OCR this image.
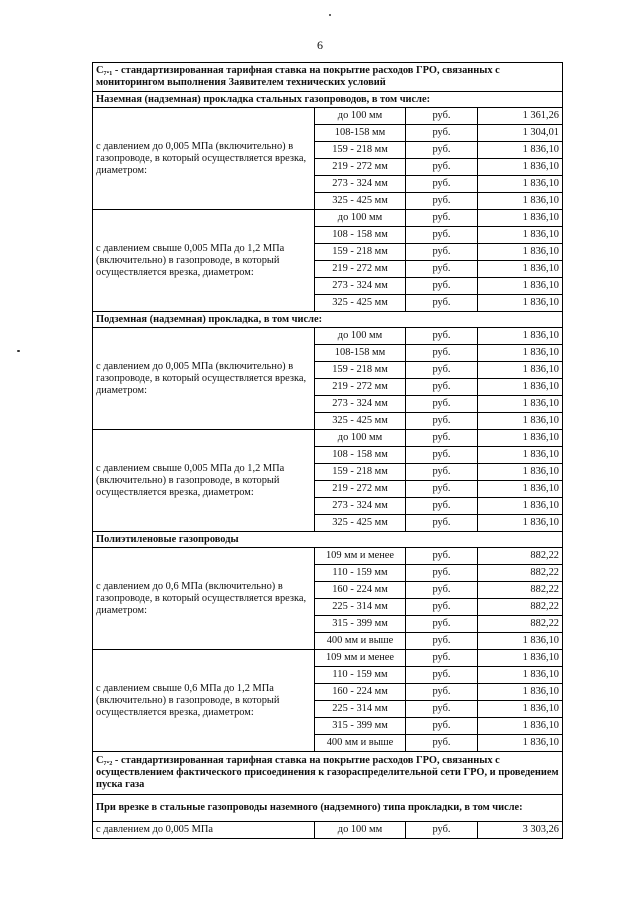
6
С₇.₁ - стандартизированная тарифная ставка на покрытие расходов ГРО, связанных с мониторингом выполнения Заявителем технических условий			
Наземная (надземная) прокладка стальных газопроводов, в том числе:			
с давлением до 0,005 МПа (включительно) в газопроводе, в который осуществляется врезка, диаметром:	до 100 мм	руб.	1 361,26
	108-158 мм	руб.	1 304,01
	159 - 218 мм	руб.	1 836,10
	219 - 272 мм	руб.	1 836,10
	273 - 324 мм	руб.	1 836,10
	325 - 425 мм	руб.	1 836,10
с давлением свыше 0,005 МПа до 1,2 МПа (включительно) в газопроводе, в который осуществляется врезка, диаметром:	до 100 мм	руб.	1 836,10
	108 - 158 мм	руб.	1 836,10
	159 - 218 мм	руб.	1 836,10
	219 - 272 мм	руб.	1 836,10
	273 - 324 мм	руб.	1 836,10
	325 - 425 мм	руб.	1 836,10
Подземная (надземная) прокладка, в том числе:			
с давлением до 0,005 МПа (включительно) в газопроводе, в который осуществляется врезка, диаметром:	до 100 мм	руб.	1 836,10
	108-158 мм	руб.	1 836,10
	159 - 218 мм	руб.	1 836,10
	219 - 272 мм	руб.	1 836,10
	273 - 324 мм	руб.	1 836,10
	325 - 425 мм	руб.	1 836,10
с давлением свыше 0,005 МПа до 1,2 МПа (включительно) в газопроводе, в который осуществляется врезка, диаметром:	до 100 мм	руб.	1 836,10
	108 - 158 мм	руб.	1 836,10
	159 - 218 мм	руб.	1 836,10
	219 - 272 мм	руб.	1 836,10
	273 - 324 мм	руб.	1 836,10
	325 - 425 мм	руб.	1 836,10
Полиэтиленовые газопроводы			
с давлением до 0,6 МПа (включительно) в газопроводе, в который осуществляется врезка, диаметром:	109 мм и менее	руб.	882,22
	110 - 159 мм	руб.	882,22
	160 - 224 мм	руб.	882,22
	225 - 314 мм	руб.	882,22
	315 - 399 мм	руб.	882,22
	400 мм и выше	руб.	1 836,10
с давлением свыше 0,6 МПа до 1,2 МПа (включительно) в газопроводе, в который осуществляется врезка, диаметром:	109 мм и менее	руб.	1 836,10
	110 - 159 мм	руб.	1 836,10
	160 - 224 мм	руб.	1 836,10
	225 - 314 мм	руб.	1 836,10
	315 - 399 мм	руб.	1 836,10
	400 мм и выше	руб.	1 836,10
С₇.₂ - стандартизированная тарифная ставка на покрытие расходов ГРО, связанных с осуществлением фактического присоединения к газораспределительной сети ГРО, и проведением пуска газа			
При врезке в стальные газопроводы наземного (надземного) типа прокладки, в том числе:			
с давлением до 0,005 МПа	до 100 мм	руб.	3 303,26
